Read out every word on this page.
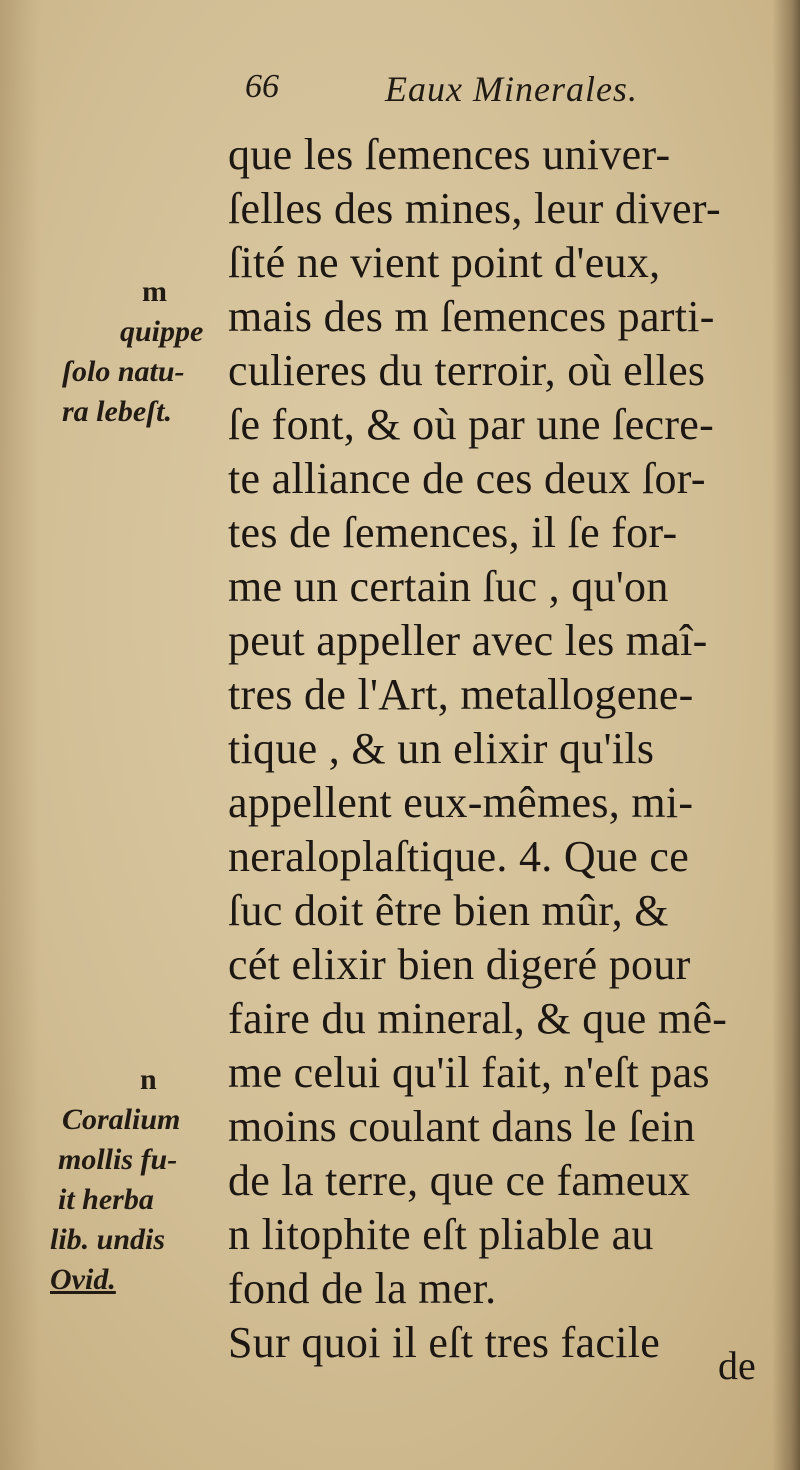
66	Eaux Minerales.
que les ſemences univer-
ſelles des mines, leur diver-
ſité ne vient point d'eux,
mais des m ſemences parti-
culieres du terroir, où elles
ſe font, & où par une ſecre-
te alliance de ces deux ſor-
tes de ſemences, il ſe for-
me un certain ſuc , qu'on
peut appeller avec les maî-
tres de l'Art, metallogene-
tique , & un elixir qu'ils
appellent eux-mêmes, mi-
neraloplaſtique. 4. Que ce
ſuc doit être bien mûr, &
cét elixir bien digeré pour
faire du mineral, & que mê-
me celui qu'il fait, n'eſt pas
moins coulant dans le ſein
de la terre, que ce fameux
n litophite eſt pliable au
fond de la mer.
Sur quoi il eſt tres facile	de
m
quippe
ſolo natu-
ra lebeſt.
n
Coralium
mollis fu-
it herba
lib. undis
Ovid.
